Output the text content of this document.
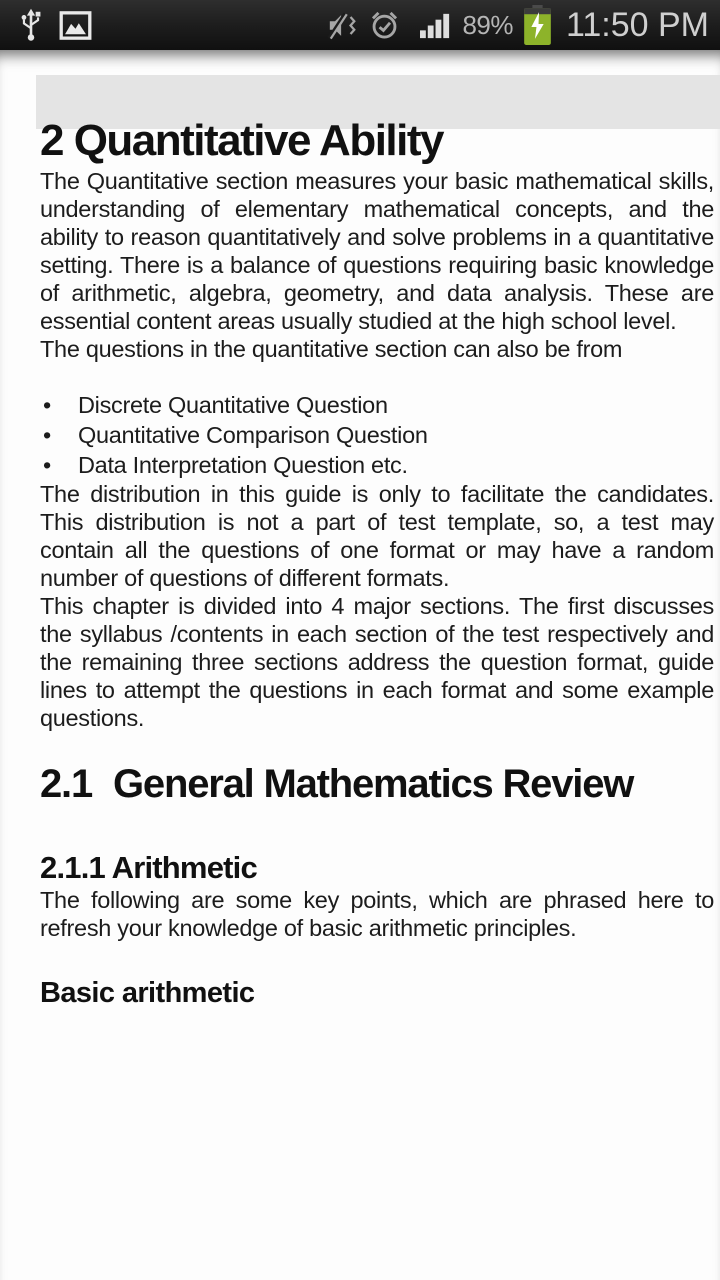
89% 11:50 PM
2 Quantitative Ability

The Quantitative section measures your basic mathematical skills, understanding of elementary mathematical concepts, and the ability to reason quantitatively and solve problems in a quantitative setting. There is a balance of questions requiring basic knowledge of arithmetic, algebra, geometry, and data analysis. These are essential content areas usually studied at the high school level.

The questions in the quantitative section can also be from

•	Discrete Quantitative Question
•	Quantitative Comparison Question
•	Data Interpretation Question etc.

The distribution in this guide is only to facilitate the candidates. This distribution is not a part of test template, so, a test may contain all the questions of one format or may have a random number of questions of different formats.

This chapter is divided into 4 major sections. The first discusses the syllabus /contents in each section of the test respectively and the remaining three sections address the question format, guide lines to attempt the questions in each format and some example questions.

2.1 General Mathematics Review
2.1.1 Arithmetic

The following are some key points, which are phrased here to refresh your knowledge of basic arithmetic principles.

Basic arithmetic
